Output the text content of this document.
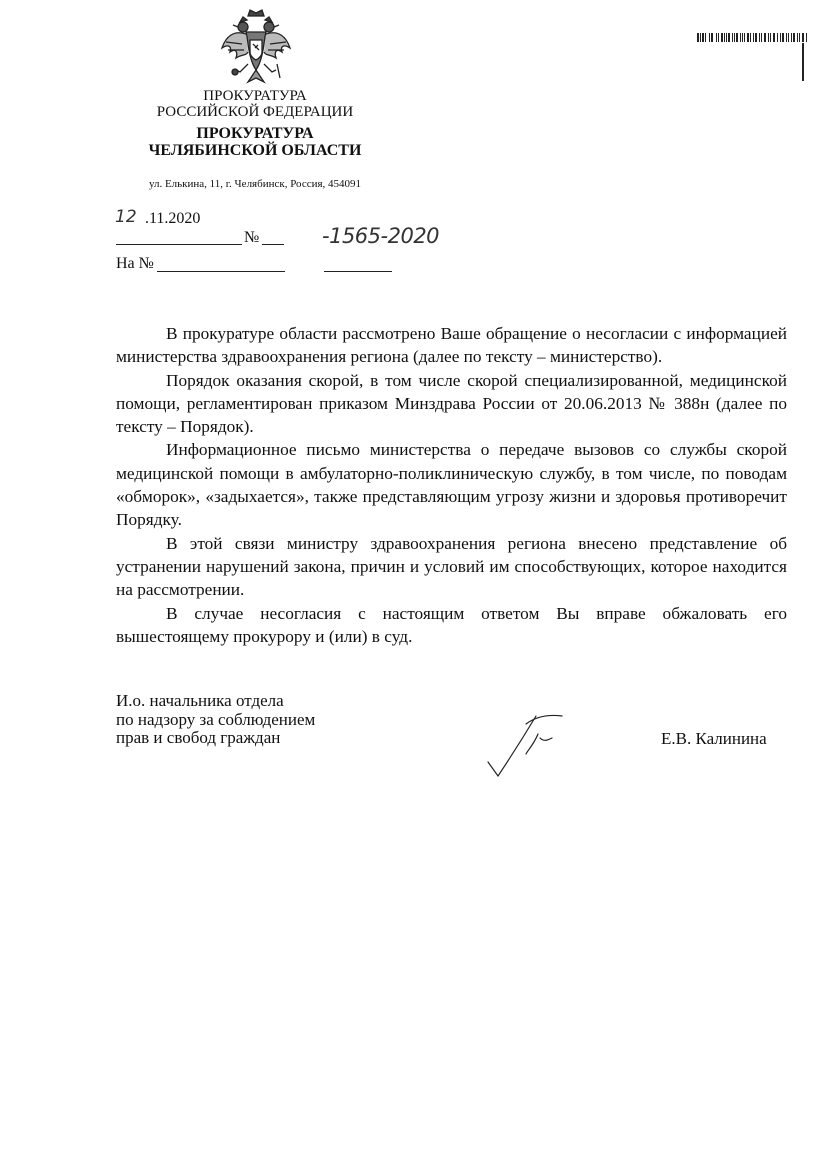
ПРОКУРАТУРА
РОССИЙСКОЙ ФЕДЕРАЦИИ
ПРОКУРАТУРА
ЧЕЛЯБИНСКОЙ ОБЛАСТИ
ул. Елькина, 11, г. Челябинск, Россия, 454091
12 .11.2020
№	-1565-2020
На №

В прокуратуре области рассмотрено Ваше обращение о несогласии с информацией министерства здравоохранения региона (далее по тексту – министерство).

Порядок оказания скорой, в том числе скорой специализированной, медицинской помощи, регламентирован приказом Минздрава России от 20.06.2013 № 388н (далее по тексту – Порядок).

Информационное письмо министерства о передаче вызовов со службы скорой медицинской помощи в амбулаторно-поликлиническую службу, в том числе, по поводам «обморок», «задыхается», также представляющим угрозу жизни и здоровья противоречит Порядку.

В этой связи министру здравоохранения региона внесено представление об устранении нарушений закона, причин и условий им способствующих, которое находится на рассмотрении.

В случае несогласия с настоящим ответом Вы вправе обжаловать его вышестоящему прокурору и (или) в суд.

И.о. начальника отдела
по надзору за соблюдением
прав и свобод граждан	Е.В. Калинина
